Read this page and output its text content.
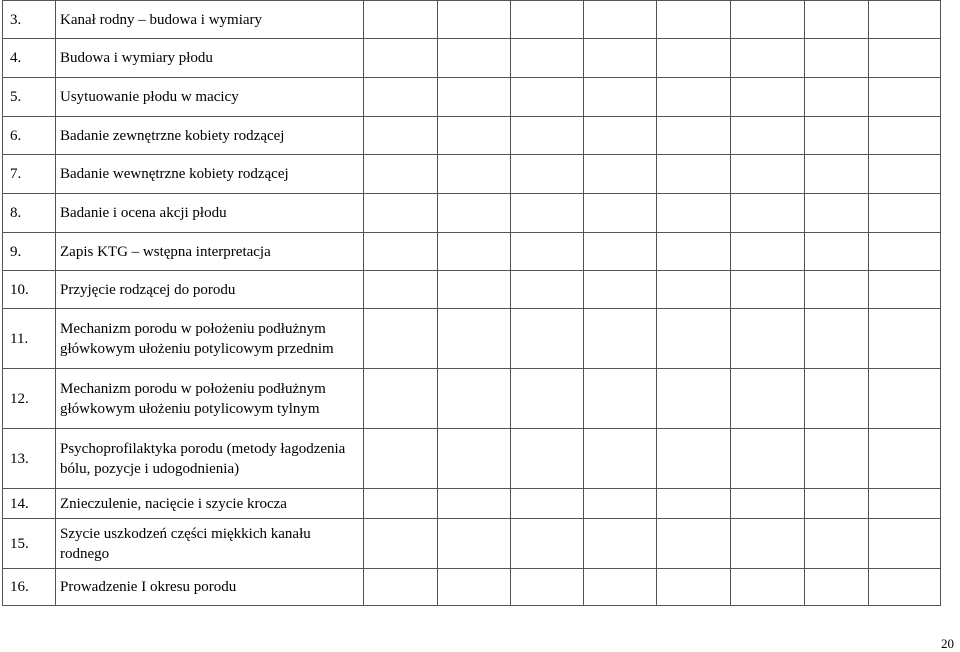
3.	Kanał rodny – budowa i wymiary								
4.	Budowa i wymiary płodu								
5.	Usytuowanie płodu w macicy								
6.	Badanie zewnętrzne kobiety rodzącej								
7.	Badanie wewnętrzne kobiety rodzącej								
8.	Badanie i ocena akcji płodu								
9.	Zapis KTG – wstępna interpretacja								
10.	Przyjęcie rodzącej do porodu								
11.	Mechanizm porodu w położeniu podłużnym główkowym ułożeniu potylicowym przednim								
12.	Mechanizm porodu w położeniu podłużnym główkowym ułożeniu potylicowym tylnym								
13.	Psychoprofilaktyka porodu (metody łagodzenia bólu, pozycje i udogodnienia)								
14.	Znieczulenie, nacięcie i szycie krocza								
15.	Szycie uszkodzeń części miękkich kanału rodnego								
16.	Prowadzenie I okresu porodu								
20
